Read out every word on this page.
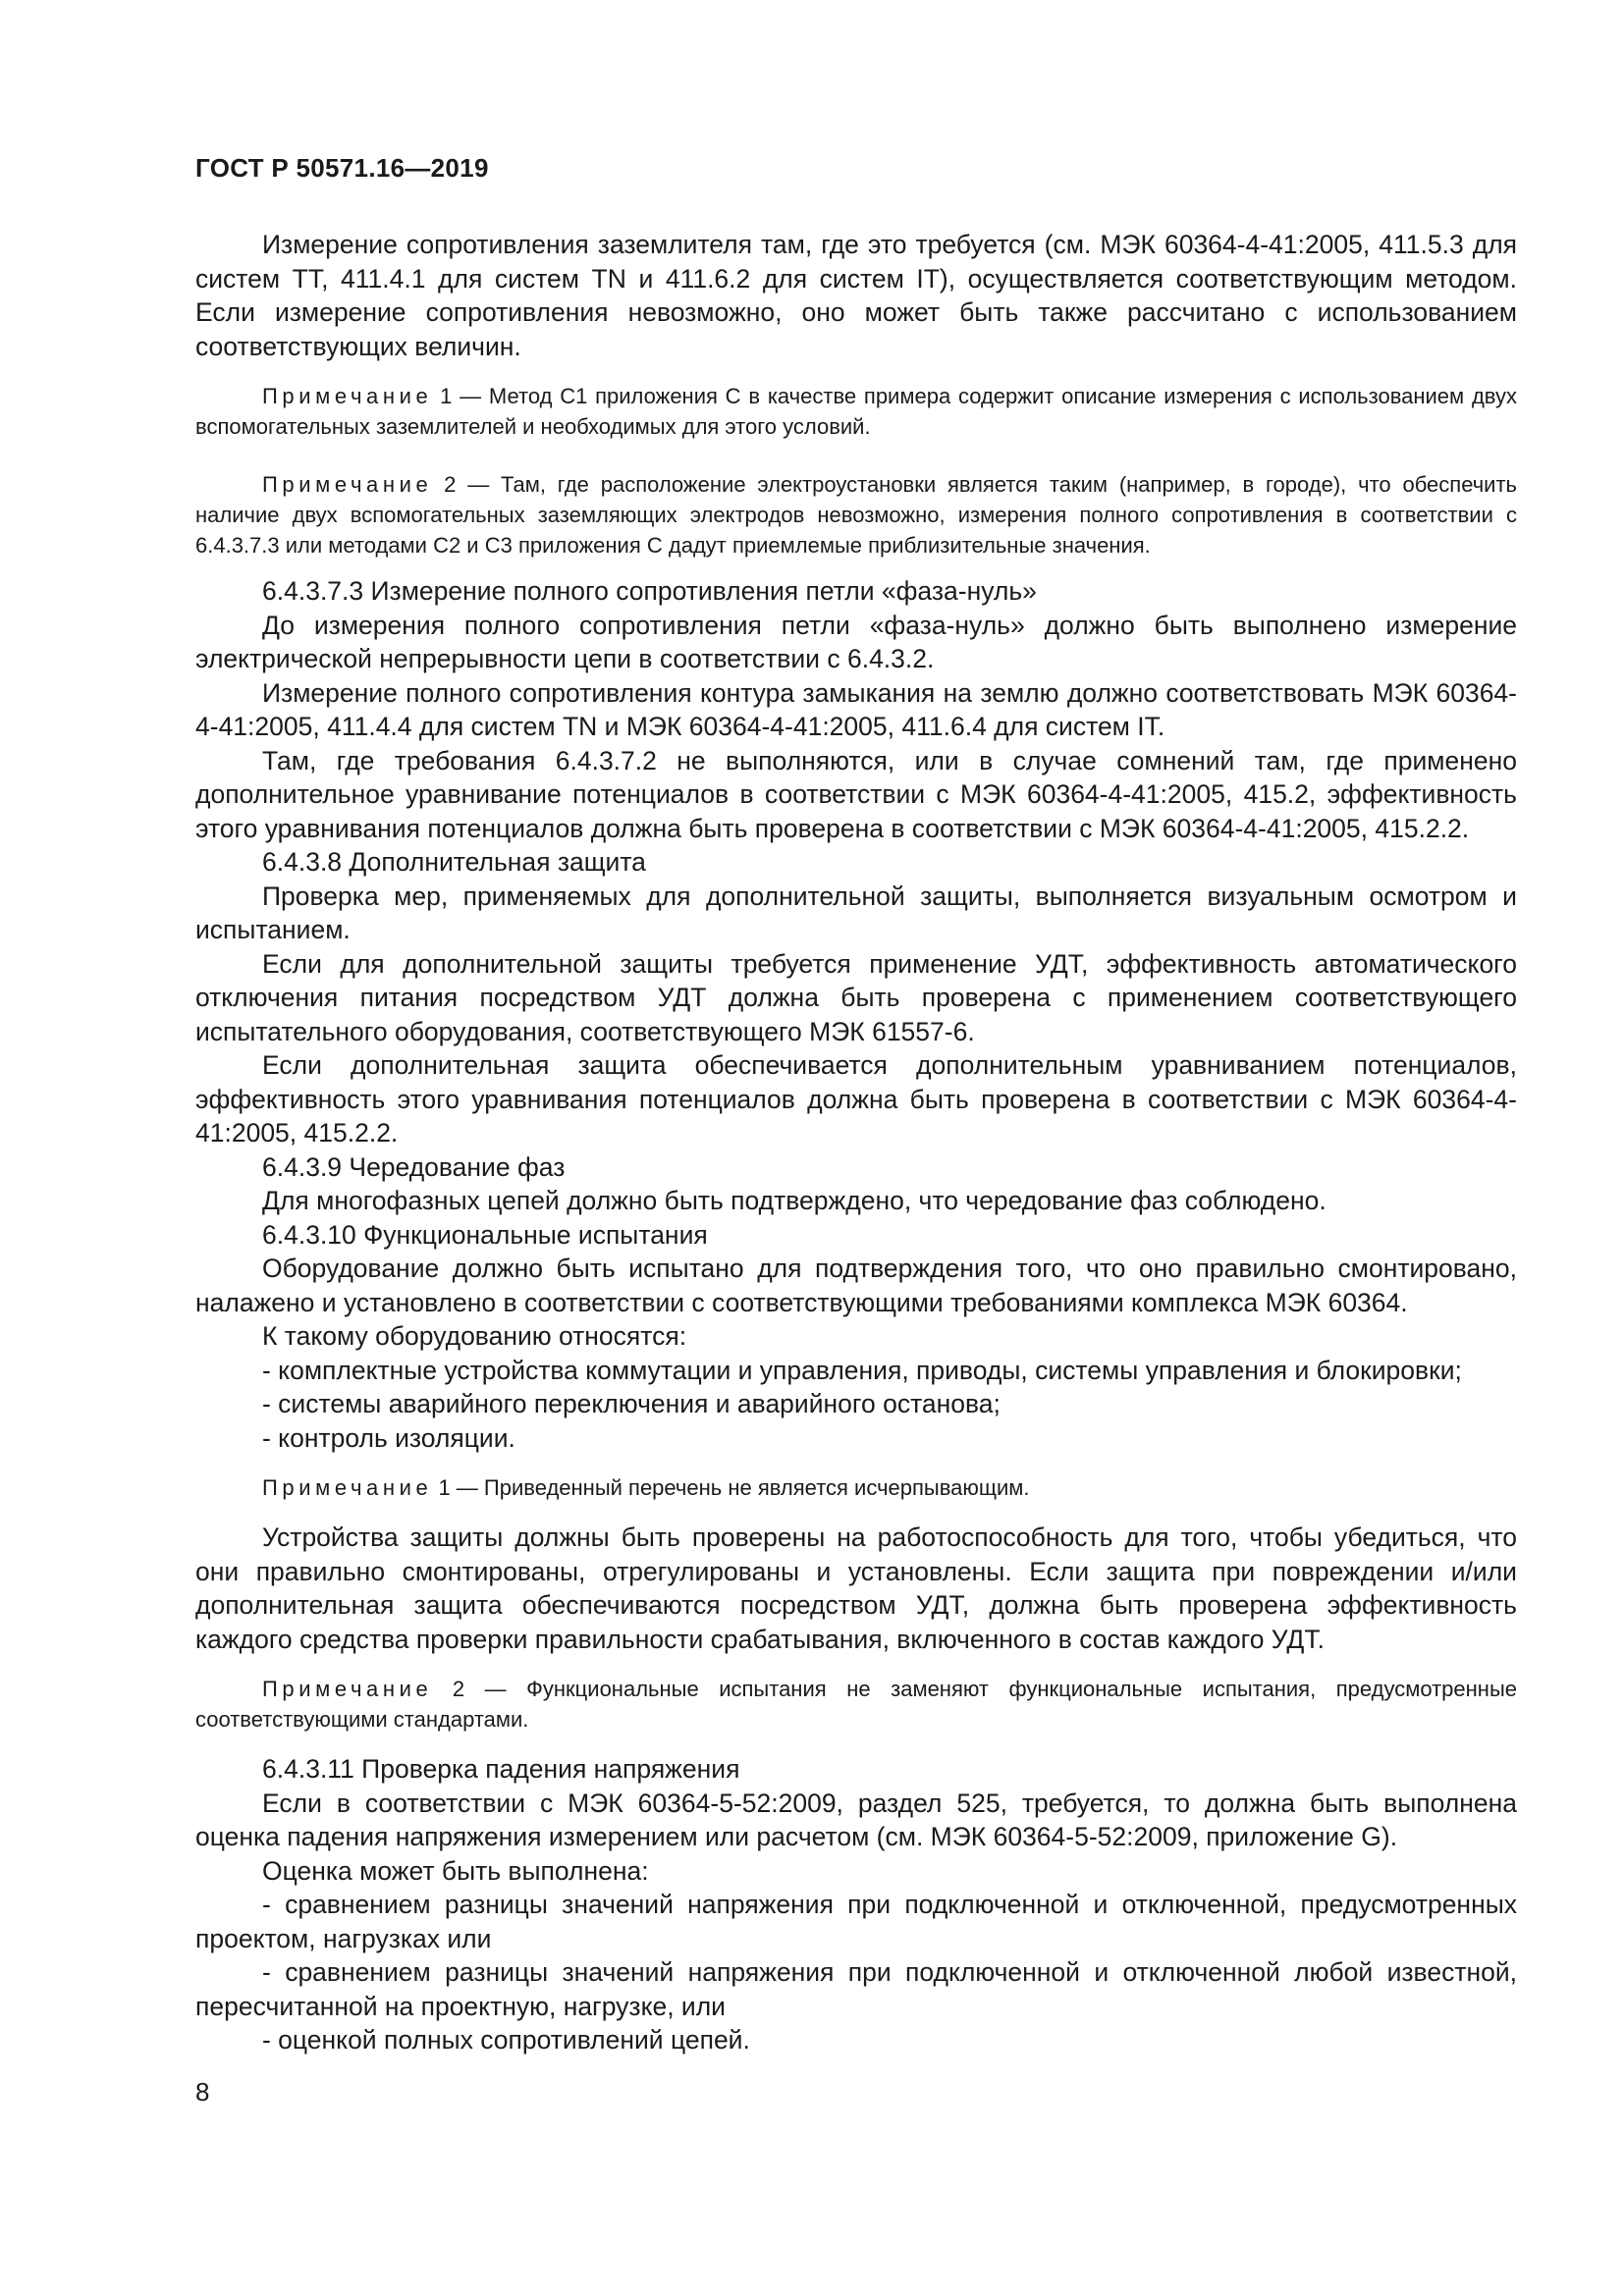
ГОСТ Р 50571.16—2019

Измерение сопротивления заземлителя там, где это требуется (см. МЭК 60364-4-41:2005, 411.5.3 для систем TT, 411.4.1 для систем TN и 411.6.2 для систем IT), осуществляется соответствующим методом. Если измерение сопротивления невозможно, оно может быть также рассчитано с использованием соответствующих величин.

Примечание 1 — Метод С1 приложения С в качестве примера содержит описание измерения с использованием двух вспомогательных заземлителей и необходимых для этого условий.

Примечание 2 — Там, где расположение электроустановки является таким (например, в городе), что обеспечить наличие двух вспомогательных заземляющих электродов невозможно, измерения полного сопротивления в соответствии с 6.4.3.7.3 или методами С2 и С3 приложения С дадут приемлемые приблизительные значения.

6.4.3.7.3 Измерение полного сопротивления петли «фаза-нуль»

До измерения полного сопротивления петли «фаза-нуль» должно быть выполнено измерение электрической непрерывности цепи в соответствии с 6.4.3.2.

Измерение полного сопротивления контура замыкания на землю должно соответствовать МЭК 60364-4-41:2005, 411.4.4 для систем TN и МЭК 60364-4-41:2005, 411.6.4 для систем IT.

Там, где требования 6.4.3.7.2 не выполняются, или в случае сомнений там, где применено дополнительное уравнивание потенциалов в соответствии с МЭК 60364-4-41:2005, 415.2, эффективность этого уравнивания потенциалов должна быть проверена в соответствии с МЭК 60364-4-41:2005, 415.2.2.

6.4.3.8 Дополнительная защита

Проверка мер, применяемых для дополнительной защиты, выполняется визуальным осмотром и испытанием.

Если для дополнительной защиты требуется применение УДТ, эффективность автоматического отключения питания посредством УДТ должна быть проверена с применением соответствующего испытательного оборудования, соответствующего МЭК 61557-6.

Если дополнительная защита обеспечивается дополнительным уравниванием потенциалов, эффективность этого уравнивания потенциалов должна быть проверена в соответствии с МЭК 60364-4-41:2005, 415.2.2.

6.4.3.9 Чередование фаз

Для многофазных цепей должно быть подтверждено, что чередование фаз соблюдено.

6.4.3.10 Функциональные испытания

Оборудование должно быть испытано для подтверждения того, что оно правильно смонтировано, налажено и установлено в соответствии с соответствующими требованиями комплекса МЭК 60364.

К такому оборудованию относятся:

- комплектные устройства коммутации и управления, приводы, системы управления и блокировки;

- системы аварийного переключения и аварийного останова;

- контроль изоляции.

Примечание 1 — Приведенный перечень не является исчерпывающим.

Устройства защиты должны быть проверены на работоспособность для того, чтобы убедиться, что они правильно смонтированы, отрегулированы и установлены. Если защита при повреждении и/или дополнительная защита обеспечиваются посредством УДТ, должна быть проверена эффективность каждого средства проверки правильности срабатывания, включенного в состав каждого УДТ.

Примечание 2 — Функциональные испытания не заменяют функциональные испытания, предусмотренные соответствующими стандартами.

6.4.3.11 Проверка падения напряжения

Если в соответствии с МЭК 60364-5-52:2009, раздел 525, требуется, то должна быть выполнена оценка падения напряжения измерением или расчетом (см. МЭК 60364-5-52:2009, приложение G).

Оценка может быть выполнена:

- сравнением разницы значений напряжения при подключенной и отключенной, предусмотренных проектом, нагрузках или

- сравнением разницы значений напряжения при подключенной и отключенной любой известной, пересчитанной на проектную, нагрузке, или

- оценкой полных сопротивлений цепей.

8
